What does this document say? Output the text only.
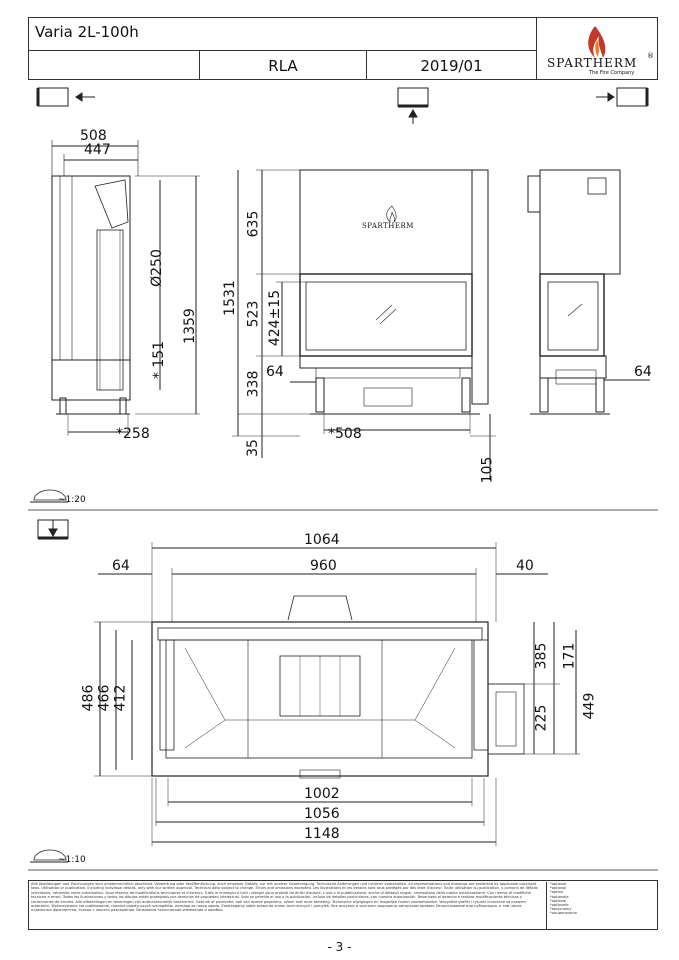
Varia 2L-100h
RLA	2019/01	SPARTHERM ®
The Fire Company
SPARTHERM
508
447
Ø250
1359
* 151
*258
635
1531 523 424±15
338
35
64
*508
105
64
~1:20
~1:10
1064
64	960	40
486 466 412
385 171
225 449
1002
1056
1148
Alle Abbildungen und Zeichnungen sind urheberrechtlich geschützt. Verwertung oder Veröffentlichung, auch einzelner Details, nur mit unserer Genehmigung. Technische Änderungen und Irrtümer vorbehalten. All representations and drawings are protected by applicable copyright laws. Utilisation or publication, including individual details, only with our written approval. Technical data subject to change. Errors and omissions excepted. Les illustrations et les dessins sont tous protégés par des droit d'auteur. Toute utilisation ou publication, y compris de détails individuels, nécessite notre autorisation. Sous réserve de modifications techniques et d'erreurs. Tutte le immagini e tutti i disegni sono protetti da diritti d'autore. L'uso o la pubblicazione, anche di dettagli singoli, necessitano della nostra autorizzazione. Con riserva di modifiche tecniche e errori. Todas las ilustraciones y todos los dibujos están protegidos por derechos de propiedad intelectual. Solo se permite el uso o la publicación, incluso de detalles particulares, con nuestra autorización. Reservado el derecho a realizar modificaciones técnicas y correcciones de errores. Alle afbeeldingen en tekeningen zijn auteursrechtelijk beschermd. Gebruik of publicatie, ook van aparte gegevens, alleen met onze toelating. Technische wijzigingen en mogelijke fouten voorbehouden. Wszystkie grafiki i rysunki chronione są prawem autorskim. Wykorzystanie lub publikowanie, również pojedynczych szczegółów, wymaga za naszą zgodą. Zastrzegamy sobie prawo do zmian technicznych i pomyłek. Все рисунки и чертежи защищены авторским правом. Использование или публикация, в том числе отдельных фрагментов, только с нашего разрешения. Возможны технические изменения и ошибки.
*optional
*optional
*option
*optionale
*optional
*optionele
*opcjonalny
*опционально
- 3 -
